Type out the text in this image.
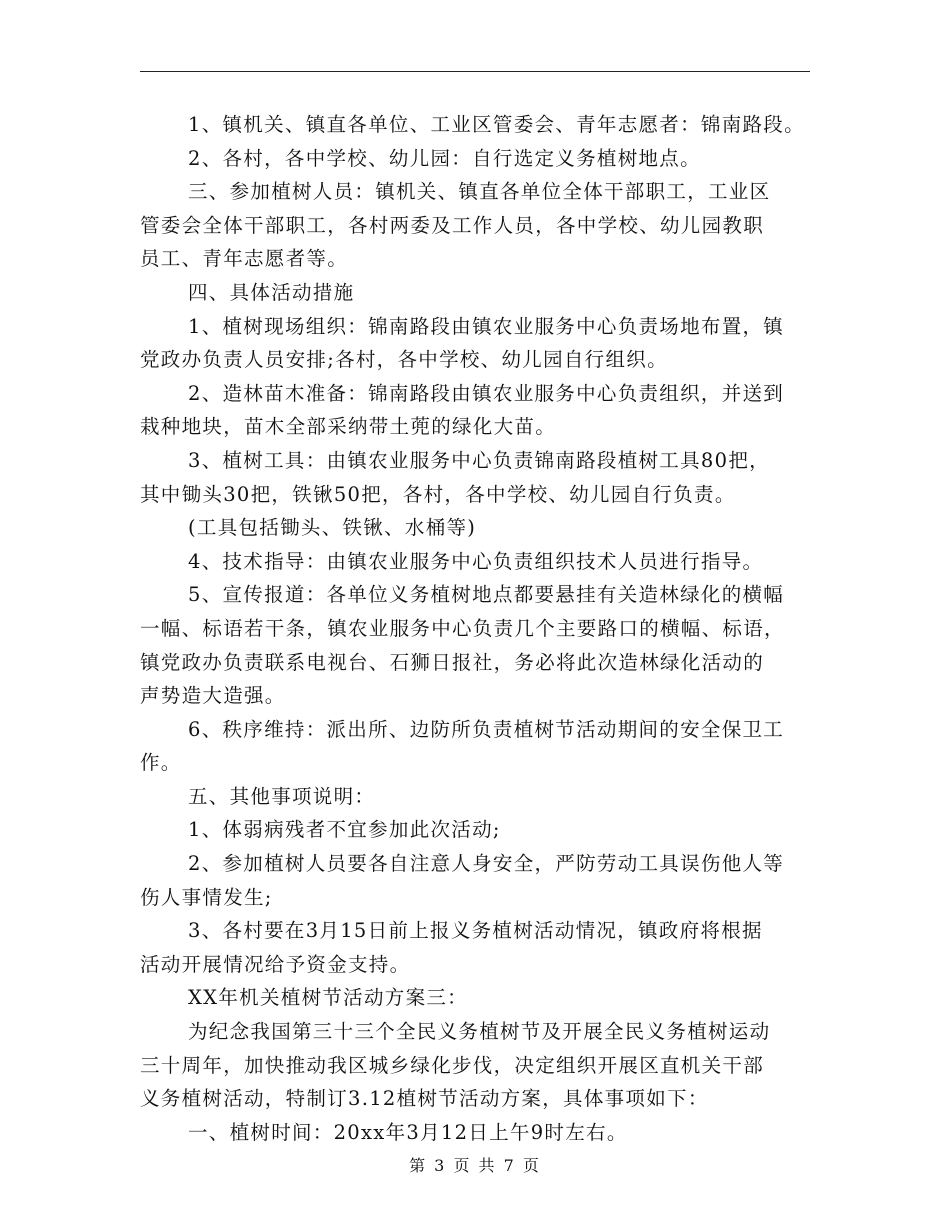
1、镇机关、镇直各单位、工业区管委会、青年志愿者：锦南路段。
2、各村，各中学校、幼儿园：自行选定义务植树地点。
三、参加植树人员：镇机关、镇直各单位全体干部职工，工业区
管委会全体干部职工，各村两委及工作人员，各中学校、幼儿园教职
员工、青年志愿者等。
四、具体活动措施
1、植树现场组织：锦南路段由镇农业服务中心负责场地布置，镇
党政办负责人员安排;各村，各中学校、幼儿园自行组织。
2、造林苗木准备：锦南路段由镇农业服务中心负责组织，并送到
栽种地块，苗木全部采纳带土蔸的绿化大苗。
3、植树工具：由镇农业服务中心负责锦南路段植树工具80把，
其中锄头30把，铁锹50把，各村，各中学校、幼儿园自行负责。
(工具包括锄头、铁锹、水桶等)
4、技术指导：由镇农业服务中心负责组织技术人员进行指导。
5、宣传报道：各单位义务植树地点都要悬挂有关造林绿化的横幅
一幅、标语若干条，镇农业服务中心负责几个主要路口的横幅、标语，
镇党政办负责联系电视台、石狮日报社，务必将此次造林绿化活动的
声势造大造强。
6、秩序维持：派出所、边防所负责植树节活动期间的安全保卫工
作。
五、其他事项说明：
1、体弱病残者不宜参加此次活动;
2、参加植树人员要各自注意人身安全，严防劳动工具误伤他人等
伤人事情发生;
3、各村要在3月15日前上报义务植树活动情况，镇政府将根据
活动开展情况给予资金支持。
XX年机关植树节活动方案三：
为纪念我国第三十三个全民义务植树节及开展全民义务植树运动
三十周年，加快推动我区城乡绿化步伐，决定组织开展区直机关干部
义务植树活动，特制订3.12植树节活动方案，具体事项如下：
一、植树时间：20xx年3月12日上午9时左右。
第 3 页 共 7 页
